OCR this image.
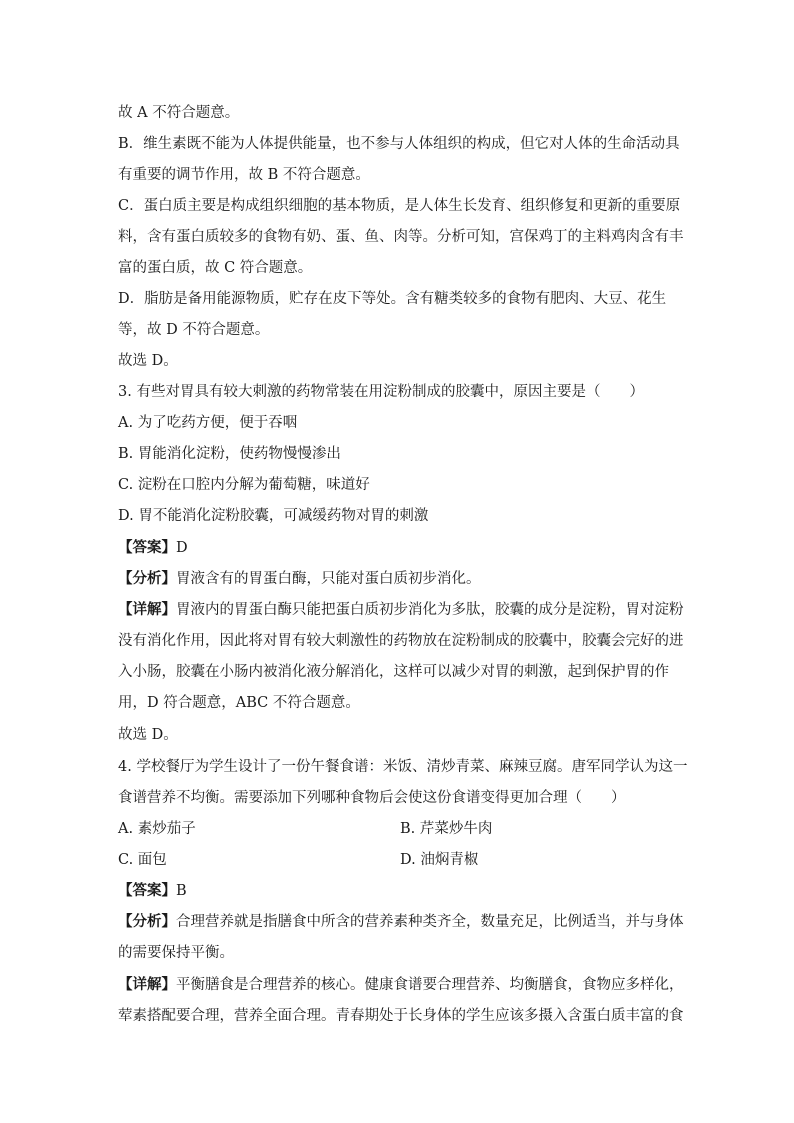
故 A 不符合题意。
B．维生素既不能为人体提供能量，也不参与人体组织的构成，但它对人体的生命活动具
有重要的调节作用，故 B 不符合题意。
C．蛋白质主要是构成组织细胞的基本物质，是人体生长发育、组织修复和更新的重要原
料，含有蛋白质较多的食物有奶、蛋、鱼、肉等。分析可知，宫保鸡丁的主料鸡肉含有丰
富的蛋白质，故 C 符合题意。
D．脂肪是备用能源物质，贮存在皮下等处。含有糖类较多的食物有肥肉、大豆、花生
等，故 D 不符合题意。
故选 D。
3. 有些对胃具有较大刺激的药物常装在用淀粉制成的胶囊中，原因主要是（　　）
A. 为了吃药方便，便于吞咽
B. 胃能消化淀粉，使药物慢慢渗出
C. 淀粉在口腔内分解为葡萄糖，味道好
D. 胃不能消化淀粉胶囊，可减缓药物对胃的刺激
【答案】D
【分析】胃液含有的胃蛋白酶，只能对蛋白质初步消化。
【详解】胃液内的胃蛋白酶只能把蛋白质初步消化为多肽，胶囊的成分是淀粉，胃对淀粉
没有消化作用，因此将对胃有较大刺激性的药物放在淀粉制成的胶囊中，胶囊会完好的进
入小肠，胶囊在小肠内被消化液分解消化，这样可以减少对胃的刺激，起到保护胃的作
用，D 符合题意，ABC 不符合题意。
故选 D。
4. 学校餐厅为学生设计了一份午餐食谱：米饭、清炒青菜、麻辣豆腐。唐军同学认为这一
食谱营养不均衡。需要添加下列哪种食物后会使这份食谱变得更加合理（　　）
A. 素炒茄子	B. 芹菜炒牛肉
C. 面包	D. 油焖青椒
【答案】B
【分析】合理营养就是指膳食中所含的营养素种类齐全，数量充足，比例适当，并与身体
的需要保持平衡。
【详解】平衡膳食是合理营养的核心。健康食谱要合理营养、均衡膳食，食物应多样化，
荤素搭配要合理，营养全面合理。青春期处于长身体的学生应该多摄入含蛋白质丰富的食
